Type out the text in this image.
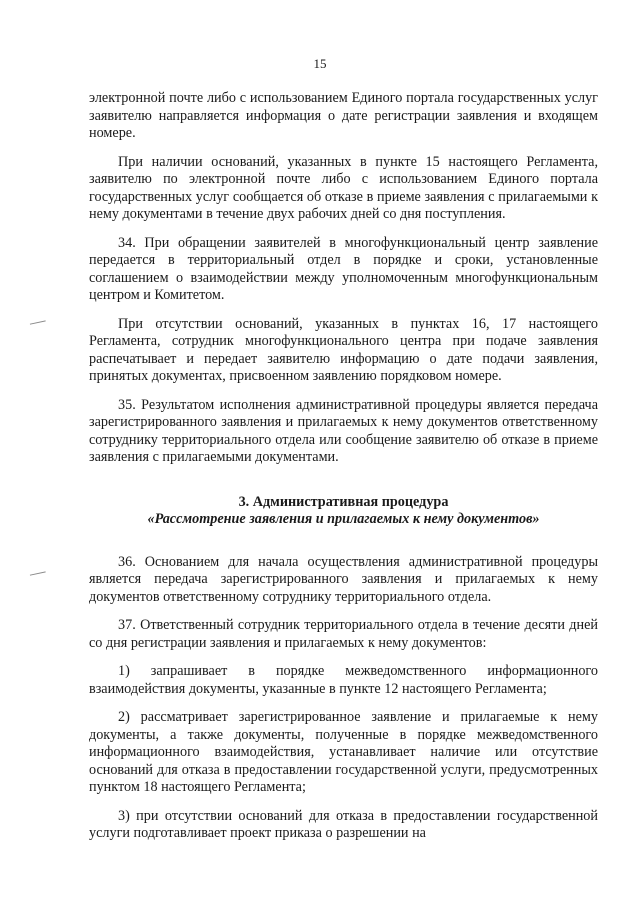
15

электронной почте либо с использованием Единого портала государственных услуг заявителю направляется информация о дате регистрации заявления и входящем номере.

При наличии оснований, указанных в пункте 15 настоящего Регламента, заявителю по электронной почте либо с использованием Единого портала государственных услуг сообщается об отказе в приеме заявления с прилагаемыми к нему документами в течение двух рабочих дней со дня поступления.

34. При обращении заявителей в многофункциональный центр заявление передается в территориальный отдел в порядке и сроки, установленные соглашением о взаимодействии между уполномоченным многофункциональным центром и Комитетом.

При отсутствии оснований, указанных в пунктах 16, 17 настоящего Регламента, сотрудник многофункционального центра при подаче заявления распечатывает и передает заявителю информацию о дате подачи заявления, принятых документах, присвоенном заявлению порядковом номере.

35. Результатом исполнения административной процедуры является передача зарегистрированного заявления и прилагаемых к нему документов ответственному сотруднику территориального отдела или сообщение заявителю об отказе в приеме заявления с прилагаемыми документами.

3. Административная процедура
«Рассмотрение заявления и прилагаемых к нему документов»

36. Основанием для начала осуществления административной процедуры является передача зарегистрированного заявления и прилагаемых к нему документов ответственному сотруднику территориального отдела.

37. Ответственный сотрудник территориального отдела в течение десяти дней со дня регистрации заявления и прилагаемых к нему документов:

1) запрашивает в порядке межведомственного информационного взаимодействия документы, указанные в пункте 12 настоящего Регламента;

2) рассматривает зарегистрированное заявление и прилагаемые к нему документы, а также документы, полученные в порядке межведомственного информационного взаимодействия, устанавливает наличие или отсутствие оснований для отказа в предоставлении государственной услуги, предусмотренных пунктом 18 настоящего Регламента;

3) при отсутствии оснований для отказа в предоставлении государственной услуги подготавливает проект приказа о разрешении на
